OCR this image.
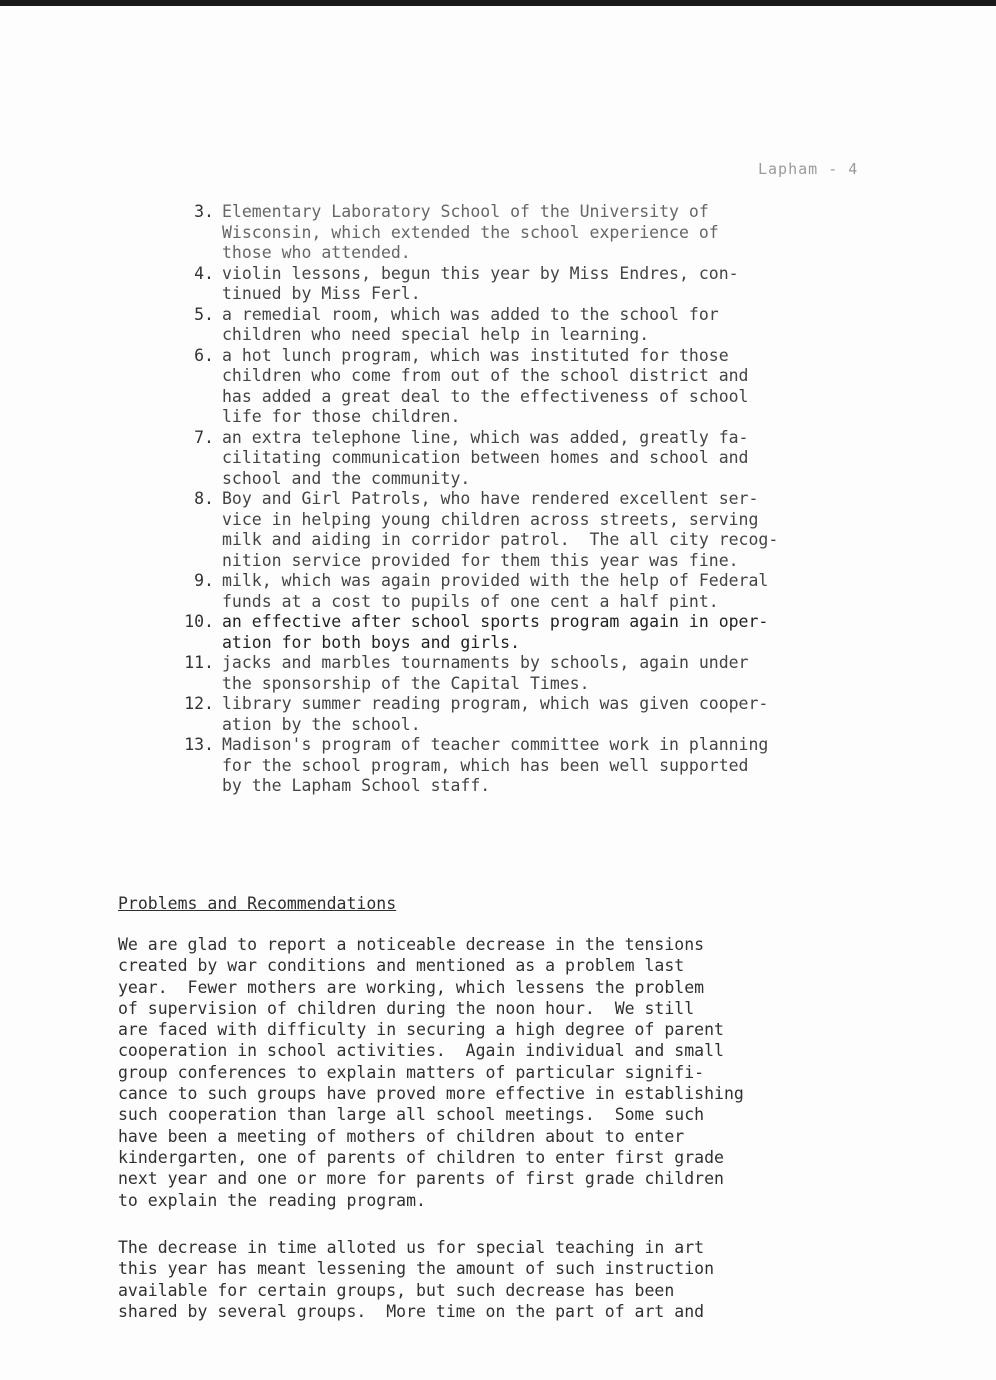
Lapham - 4
3. Elementary Laboratory School of the University of
Wisconsin, which extended the school experience of
those who attended.
4. violin lessons, begun this year by Miss Endres, con-
tinued by Miss Ferl.
5. a remedial room, which was added to the school for
children who need special help in learning.
6. a hot lunch program, which was instituted for those
children who come from out of the school district and
has added a great deal to the effectiveness of school
life for those children.
7. an extra telephone line, which was added, greatly fa-
cilitating communication between homes and school and
school and the community.
8. Boy and Girl Patrols, who have rendered excellent ser-
vice in helping young children across streets, serving
milk and aiding in corridor patrol.  The all city recog-
nition service provided for them this year was fine.
9. milk, which was again provided with the help of Federal
funds at a cost to pupils of one cent a half pint.
10. an effective after school sports program again in oper-
ation for both boys and girls.
11. jacks and marbles tournaments by schools, again under
the sponsorship of the Capital Times.
12. library summer reading program, which was given cooper-
ation by the school.
13. Madison's program of teacher committee work in planning
for the school program, which has been well supported
by the Lapham School staff.
Problems and Recommendations
We are glad to report a noticeable decrease in the tensions
created by war conditions and mentioned as a problem last
year.  Fewer mothers are working, which lessens the problem
of supervision of children during the noon hour.  We still
are faced with difficulty in securing a high degree of parent
cooperation in school activities.  Again individual and small
group conferences to explain matters of particular signifi-
cance to such groups have proved more effective in establishing
such cooperation than large all school meetings.  Some such
have been a meeting of mothers of children about to enter
kindergarten, one of parents of children to enter first grade
next year and one or more for parents of first grade children
to explain the reading program.
The decrease in time alloted us for special teaching in art
this year has meant lessening the amount of such instruction
available for certain groups, but such decrease has been
shared by several groups.  More time on the part of art and
